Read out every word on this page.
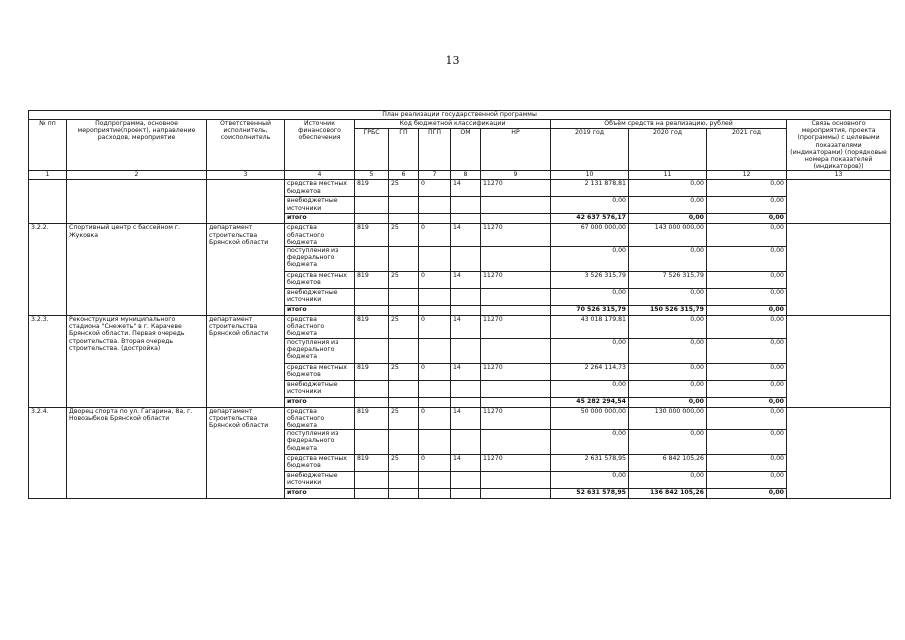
13
План реализации государственной программы												
№ пп	Подпрограмма, основное мероприятие(проект), направление расходов, мероприятие	Ответственный исполнитель, соисполнитель	Источник финансового обеспечения	Код бюджетной классификации					Объём средств на реализацию, рублей			Связь основного мероприятия, проекта (программы) с целевыми показателями (индикаторами) (порядковые номера показателей (индикаторов))
				ГРБС	ГП	ПГП	ОМ	НР	2019 год	2020 год	2021 год	

1	2	3	4	5	6	7	8	9	10	11	12	13
			средства местных бюджетов	819	25	0	14	11270	2 131 878,81	0,00	0,00	
			внебюджетные источники						0,00	0,00	0,00	
			итого						42 637 576,17	0,00	0,00	
3.2.2.	Спортивный центр с бассейном г. Жуковка	департамент строительства Брянской области	средства областного бюджета	819	25	0	14	11270	67 000 000,00	143 000 000,00	0,00	
			поступления из федерального бюджета						0,00	0,00	0,00	
			средства местных бюджетов	819	25	0	14	11270	3 526 315,79	7 526 315,79	0,00	
			внебюджетные источники						0,00	0,00	0,00	
			итого						70 526 315,79	150 526 315,79	0,00	
3.2.3.	Реконструкция муниципального стадиона "Снежеть" в г. Карачеве Брянской области. Первая очередь строительства. Вторая очередь строительства. (достройка)	департамент строительства Брянской области	средства областного бюджета	819	25	0	14	11270	43 018 179,81	0,00	0,00	
			поступления из федерального бюджета						0,00	0,00	0,00	
			средства местных бюджетов	819	25	0	14	11270	2 264 114,73	0,00	0,00	
			внебюджетные источники						0,00	0,00	0,00	
			итого						45 282 294,54	0,00	0,00	
3.2.4.	Дворец спорта по ул. Гагарина, 8а, г. Новозыбков Брянской области	департамент строительства Брянской области	средства областного бюджета	819	25	0	14	11270	50 000 000,00	130 000 000,00	0,00	
			поступления из федерального бюджета						0,00	0,00	0,00	
			средства местных бюджетов	819	25	0	14	11270	2 631 578,95	6 842 105,26	0,00	
			внебюджетные источники						0,00	0,00	0,00	
			итого						52 631 578,95	136 842 105,26	0,00	
